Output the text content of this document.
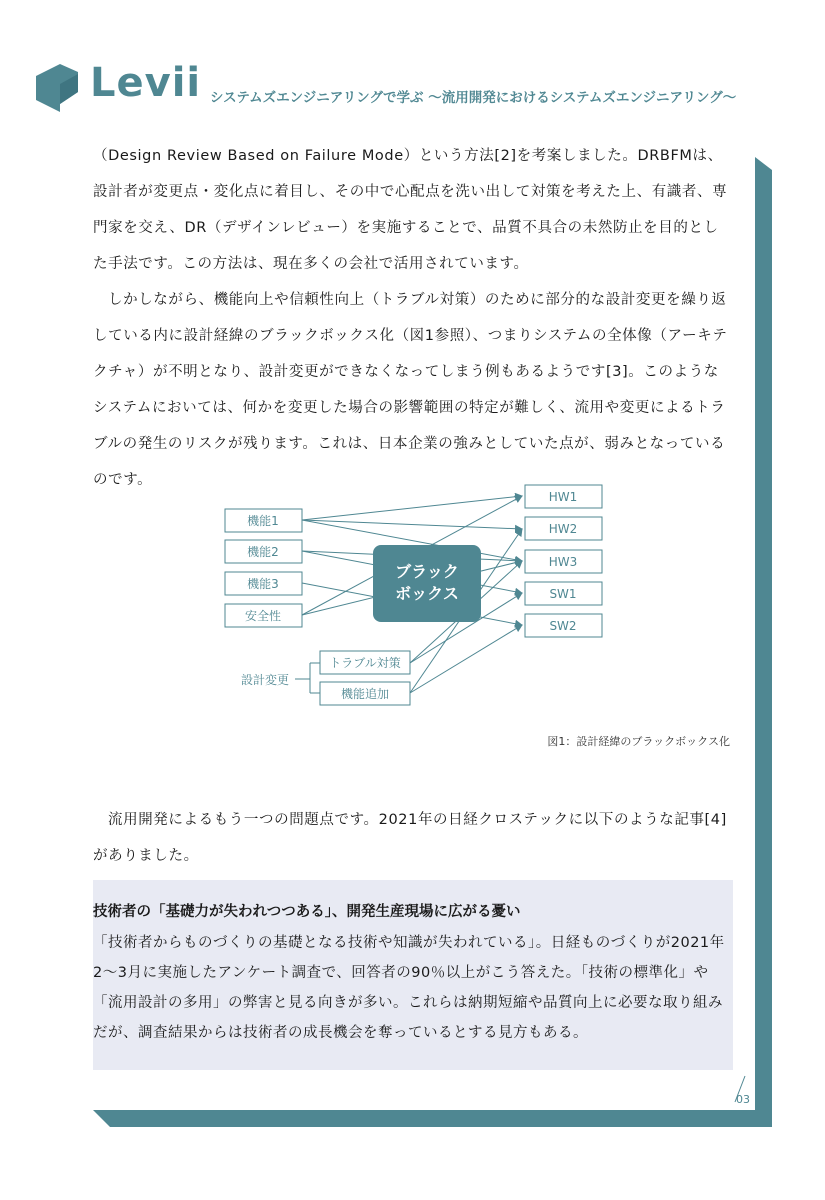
Levii システムズエンジニアリングで学ぶ ～流用開発におけるシステムズエンジニアリング～
（Design Review Based on Failure Mode）という方法[2]を考案しました。DRBFMは、設計者が変更点・変化点に着目し、その中で心配点を洗い出して対策を考えた上、有識者、専門家を交え、DR（デザインレビュー）を実施することで、品質不具合の未然防止を目的とした手法です。この方法は、現在多くの会社で活用されています。
しかしながら、機能向上や信頼性向上（トラブル対策）のために部分的な設計変更を繰り返している内に設計経緯のブラックボックス化（図1参照）、つまりシステムの全体像（アーキテクチャ）が不明となり、設計変更ができなくなってしまう例もあるようです[3]。このようなシステムにおいては、何かを変更した場合の影響範囲の特定が難しく、流用や変更によるトラブルの発生のリスクが残ります。これは、日本企業の強みとしていた点が、弱みとなっているのです。
機能1
機能2
機能3
安全性
ブラック
ボックス
HW1
HW2
HW3
SW1
SW2
設計変更
トラブル対策
機能追加
図1：設計経緯のブラックボックス化
流用開発によるもう一つの問題点です。2021年の日経クロステックに以下のような記事[4]がありました。
技術者の「基礎力が失われつつある」、開発生産現場に広がる憂い
「技術者からものづくりの基礎となる技術や知識が失われている」。日経ものづくりが2021年2～3月に実施したアンケート調査で、回答者の90％以上がこう答えた。「技術の標準化」や「流用設計の多用」の弊害と見る向きが多い。これらは納期短縮や品質向上に必要な取り組みだが、調査結果からは技術者の成長機会を奪っているとする見方もある。
03
